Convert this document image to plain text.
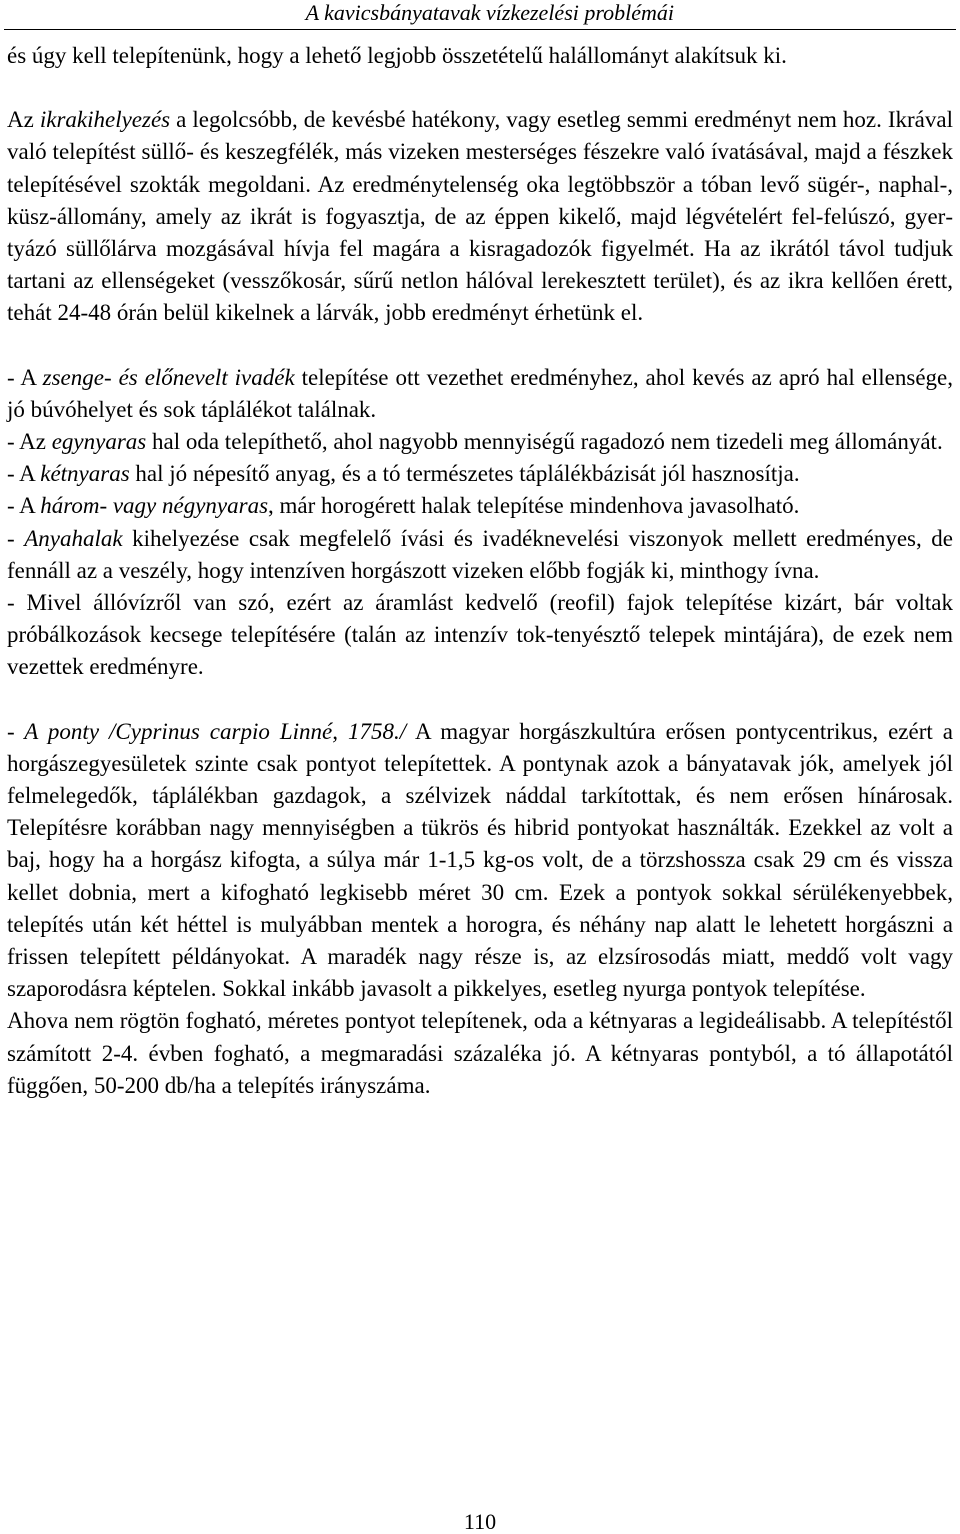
A kavicsbányatavak vízkezelési problémái

és úgy kell telepítenünk, hogy a lehető legjobb összetételű halállományt alakítsuk ki.

Az ikrakihelyezés a legolcsóbb, de kevésbé hatékony, vagy esetleg semmi eredményt nem hoz. Ikrával való telepítést süllő- és keszegfélék, más vizeken mesterséges fészekre való ívatásával, majd a fészkek telepítésével szokták megoldani. Az eredménytelenség oka legtöbbször a tóban levő sügér-, naphal-, küsz-állomány, amely az ikrát is fogyasztja, de az éppen kikelő, majd légvételért fel-felúszó, gyertyázó süllőlárva mozgásával hívja fel magára a kisragadozók figyelmét. Ha az ikrától távol tudjuk tartani az ellenségeket (vesszőkosár, sűrű netlon hálóval lerekesztett terület), és az ikra kellően érett, tehát 24-48 órán belül kikelnek a lárvák, jobb eredményt érhetünk el.

- A zsenge- és előnevelt ivadék telepítése ott vezethet eredményhez, ahol kevés az apró hal ellensége, jó búvóhelyet és sok táplálékot találnak.

- Az egynyaras hal oda telepíthető, ahol nagyobb mennyiségű ragadozó nem tizedeli meg állományát.

- A kétnyaras hal jó népesítő anyag, és a tó természetes táplálékbázisát jól hasznosítja.

- A három- vagy négynyaras, már horogérett halak telepítése mindenhova javasolható.

- Anyahalak kihelyezése csak megfelelő ívási és ivadéknevelési viszonyok mellett eredményes, de fennáll az a veszély, hogy intenzíven horgászott vizeken előbb fogják ki, minthogy ívna.

- Mivel állóvízről van szó, ezért az áramlást kedvelő (reofil) fajok telepítése kizárt, bár voltak próbálkozások kecsege telepítésére (talán az intenzív tok-tenyésztő telepek mintájára), de ezek nem vezettek eredményre.

- A ponty /Cyprinus carpio Linné, 1758./ A magyar horgászkultúra erősen pontycentrikus, ezért a horgászegyesületek szinte csak pontyot telepítettek. A pontynak azok a bányatavak jók, amelyek jól felmelegedők, táplálékban gazdagok, a szélvizek náddal tarkítottak, és nem erősen hínárosak. Telepítésre korábban nagy mennyiségben a tükrös és hibrid pontyokat használták. Ezekkel az volt a baj, hogy ha a horgász kifogta, a súlya már 1-1,5 kg-os volt, de a törzshossza csak 29 cm és vissza kellet dobnia, mert a kifogható legkisebb méret 30 cm. Ezek a pontyok sokkal sérülékenyebbek, telepítés után két héttel is mulyábban mentek a horogra, és néhány nap alatt le lehetett horgászni a frissen telepített példányokat. A maradék nagy része is, az elzsírosodás miatt, meddő volt vagy szaporodásra képtelen. Sokkal inkább javasolt a pikkelyes, esetleg nyurga pontyok telepítése.

Ahova nem rögtön fogható, méretes pontyot telepítenek, oda a kétnyaras a legideálisabb. A telepítéstől számított 2-4. évben fogható, a megmaradási százaléka jó. A kétnyaras pontyból, a tó állapotától függően, 50-200 db/ha a telepítés irányszáma.

110
